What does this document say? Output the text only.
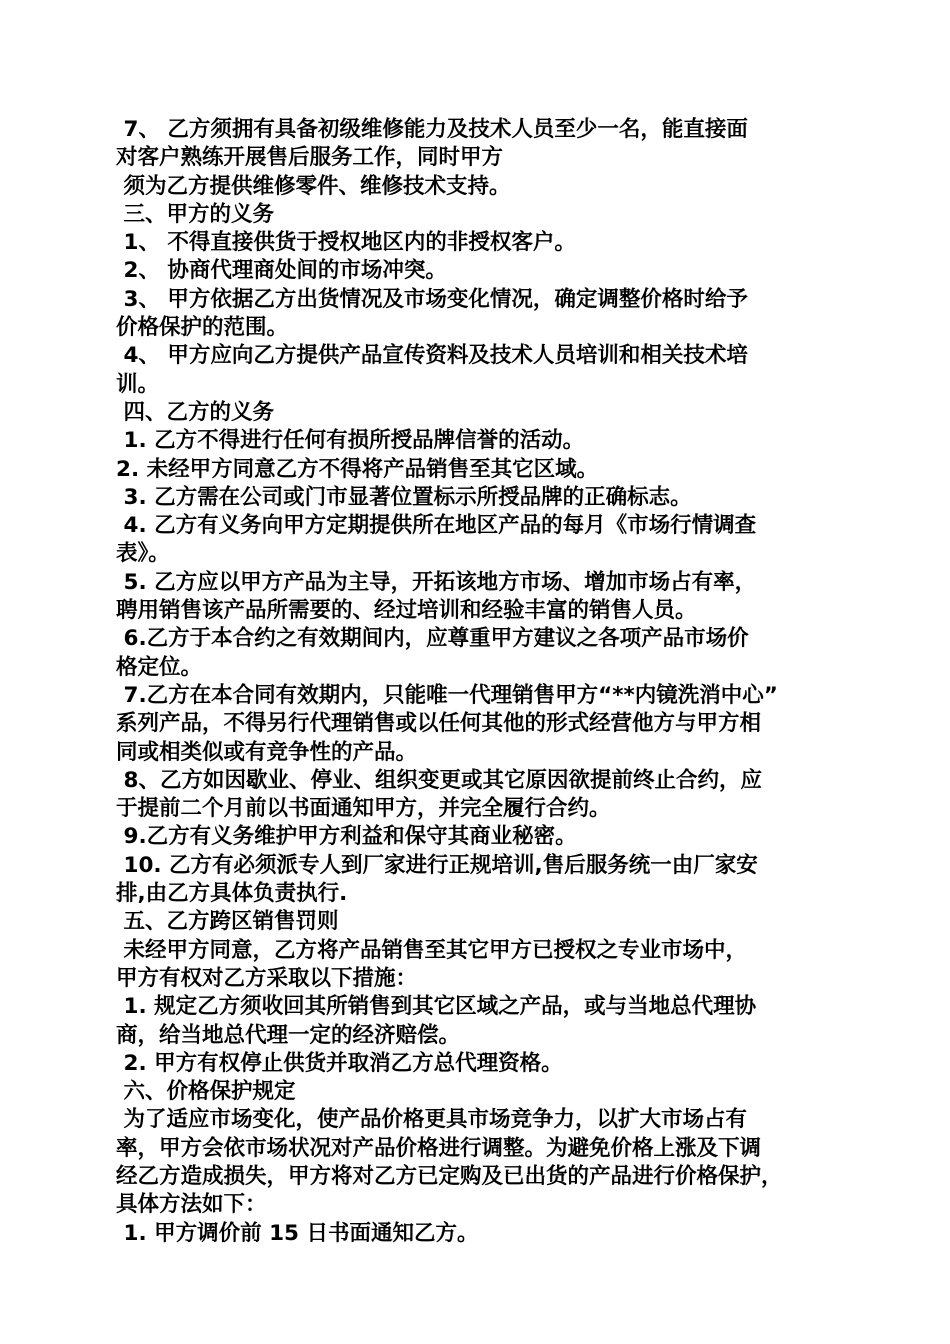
7、 乙方须拥有具备初级维修能力及技术人员至少一名，能直接面

对客户熟练开展售后服务工作，同时甲方

须为乙方提供维修零件、维修技术支持。

三、甲方的义务

1、 不得直接供货于授权地区内的非授权客户。

2、 协商代理商处间的市场冲突。

3、 甲方依据乙方出货情况及市场变化情况，确定调整价格时给予

价格保护的范围。

4、 甲方应向乙方提供产品宣传资料及技术人员培训和相关技术培

训。

四、乙方的义务

1. 乙方不得进行任何有损所授品牌信誉的活动。

2. 未经甲方同意乙方不得将产品销售至其它区域。

3. 乙方需在公司或门市显著位置标示所授品牌的正确标志。

4. 乙方有义务向甲方定期提供所在地区产品的每月《市场行情调查

表》。

5. 乙方应以甲方产品为主导，开拓该地方市场、增加市场占有率，

聘用销售该产品所需要的、经过培训和经验丰富的销售人员。

6.乙方于本合约之有效期间内，应尊重甲方建议之各项产品市场价

格定位。

7.乙方在本合同有效期内，只能唯一代理销售甲方“**内镜洗消中心”

系列产品，不得另行代理销售或以任何其他的形式经营他方与甲方相

同或相类似或有竞争性的产品。

8、乙方如因歇业、停业、组织变更或其它原因欲提前终止合约，应

于提前二个月前以书面通知甲方，并完全履行合约。

9.乙方有义务维护甲方利益和保守其商业秘密。

10. 乙方有必须派专人到厂家进行正规培训,售后服务统一由厂家安

排,由乙方具体负责执行.

五、乙方跨区销售罚则

未经甲方同意，乙方将产品销售至其它甲方已授权之专业市场中，

甲方有权对乙方采取以下措施：

1. 规定乙方须收回其所销售到其它区域之产品，或与当地总代理协

商，给当地总代理一定的经济赔偿。

2. 甲方有权停止供货并取消乙方总代理资格。

六、价格保护规定

为了适应市场变化，使产品价格更具市场竞争力，以扩大市场占有

率，甲方会依市场状况对产品价格进行调整。为避免价格上涨及下调

经乙方造成损失，甲方将对乙方已定购及已出货的产品进行价格保护，

具体方法如下：

1. 甲方调价前 15 日书面通知乙方。
